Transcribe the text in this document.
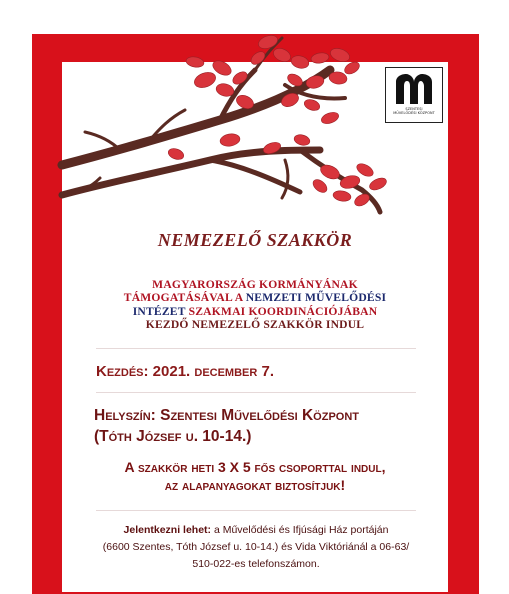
SZENTESI
MŰVELŐDÉSI KÖZPONT
NEMEZELŐ SZAKKÖR
MAGYARORSZÁG KORMÁNYÁNAK
TÁMOGATÁSÁVAL A NEMZETI MŰVELŐDÉSI
INTÉZET SZAKMAI KOORDINÁCIÓJÁBAN
KEZDŐ NEMEZELŐ SZAKKÖR INDUL
Kezdés: 2021. december 7.
Helyszín: Szentesi Művelődési Központ
(Tóth József u. 10-14.)
A szakkör heti 3 X 5 fős csoporttal indul,
az alapanyagokat biztosítjuk!
Jelentkezni lehet: a Művelődési és Ifjúsági Ház portáján
(6600 Szentes, Tóth József u. 10-14.) és Vida Viktóriánál a 06-63/
510-022-es telefonszámon.
